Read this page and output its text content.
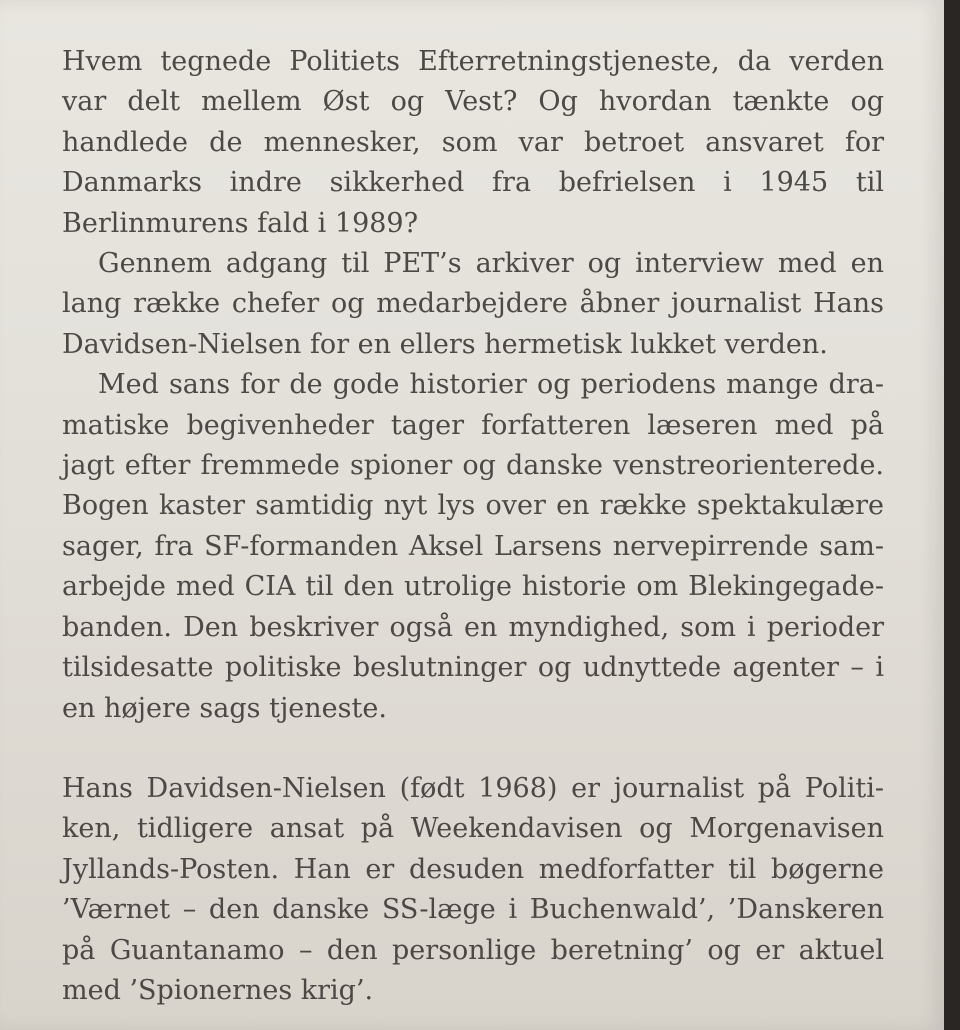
Hvem tegnede Politiets Efterretningstjeneste, da verden var delt mellem Øst og Vest? Og hvordan tænkte og handlede de mennesker, som var betroet ansvaret for Danmarks indre sikkerhed fra befrielsen i 1945 til Berlinmurens fald i 1989?

Gennem adgang til PET’s arkiver og interview med en lang række chefer og medarbejdere åbner journalist Hans Davidsen-Nielsen for en ellers hermetisk lukket verden.

Med sans for de gode historier og periodens mange dramatiske begivenheder tager forfatteren læseren med på jagt efter fremmede spioner og danske venstreorienterede. Bogen kaster samtidig nyt lys over en række spektakulære sager, fra SF-formanden Aksel Larsens nervepirrende samarbejde med CIA til den utrolige historie om Blekingegadebanden. Den beskriver også en myndighed, som i perioder tilsidesatte politiske beslutninger og udnyttede agenter – i en højere sags tjeneste.

Hans Davidsen-Nielsen (født 1968) er journalist på Politiken, tidligere ansat på Weekendavisen og Morgenavisen Jyllands-Posten. Han er desuden medforfatter til bøgerne ’Værnet – den danske SS-læge i Buchenwald’, ’Danskeren på Guantanamo – den personlige beretning’ og er aktuel med ’Spionernes krig’.
